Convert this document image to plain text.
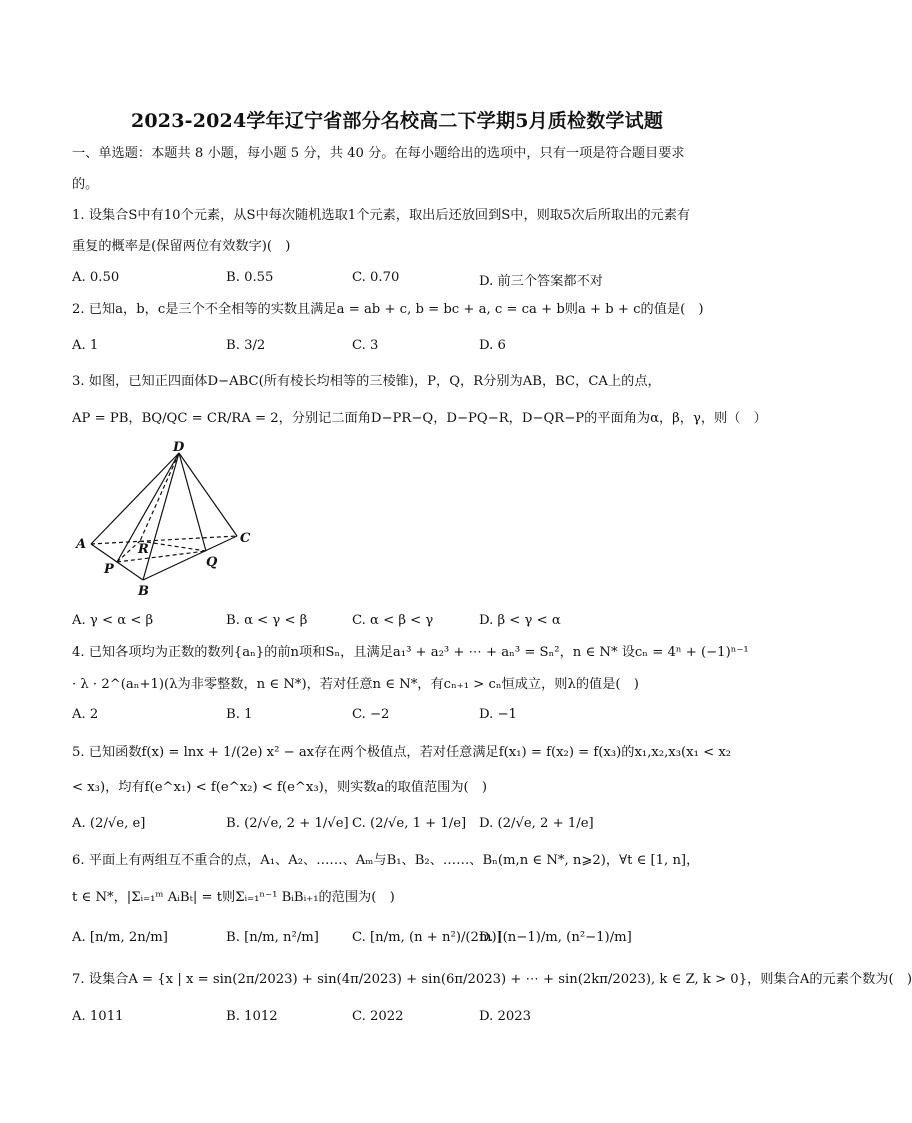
2023-2024学年辽宁省部分名校高二下学期5月质检数学试题
一、单选题：本题共 8 小题，每小题 5 分，共 40 分。在每小题给出的选项中，只有一项是符合题目要求
的。
1. 设集合S中有10个元素，从S中每次随机选取1个元素，取出后还放回到S中，则取5次后所取出的元素有
重复的概率是(保留两位有效数字)(　)
A. 0.50	B. 0.55	C. 0.70	D. 前三个答案都不对
2. 已知a，b，c是三个不全相等的实数且满足a = ab + c, b = bc + a, c = ca + b则a + b + c的值是(　)
A. 1	B. 3/2	C. 3	D. 6
3. 如图，已知正四面体D−ABC(所有棱长均相等的三棱锥)，P，Q，R分别为AB，BC，CA上的点，
AP = PB，BQ/QC = CR/RA = 2，分别记二面角D−PR−Q，D−PQ−R，D−QR−P的平面角为α，β，γ，则（　）
D
A	R
C
P	Q
B
A. γ < α < β	B. α < γ < β	C. α < β < γ	D. β < γ < α
4. 已知各项均为正数的数列{aₙ}的前n项和Sₙ，且满足a₁³ + a₂³ + ⋯ + aₙ³ = Sₙ²，n ∈ N* 设cₙ = 4ⁿ + (−1)ⁿ⁻¹
· λ · 2^(aₙ+1)(λ为非零整数，n ∈ N*)，若对任意n ∈ N*，有cₙ₊₁ > cₙ恒成立，则λ的值是(　)
A. 2	B. 1	C. −2	D. −1
5. 已知函数f(x) = lnx + 1/(2e) x² − ax存在两个极值点，若对任意满足f(x₁) = f(x₂) = f(x₃)的x₁,x₂,x₃(x₁ < x₂
< x₃)，均有f(e^x₁) < f(e^x₂) < f(e^x₃)，则实数a的取值范围为(　)
A. (2/√e, e]	B. (2/√e, 2 + 1/√e] C. (2/√e, 1 + 1/e] D. (2/√e, 2 + 1/e]
6. 平面上有两组互不重合的点，A₁、A₂、……、Aₘ与B₁、B₂、……、Bₙ(m,n ∈ N*, n⩾2)，∀t ∈ [1, n]，
t ∈ N*，|Σᵢ₌₁ᵐ AᵢBₜ| = t则Σᵢ₌₁ⁿ⁻¹ BᵢBᵢ₊₁的范围为(　)
A. [n/m, 2n/m]	B. [n/m, n²/m]	C. [n/m, (n + n²)/(2m)]
D. [(n−1)/m, (n²−1)/m]
7. 设集合A = {x | x = sin(2π/2023) + sin(4π/2023) + sin(6π/2023) + ⋯ + sin(2kπ/2023), k ∈ Z, k > 0}，则集合A的元素个数为(　)
A. 1011	B. 1012	C. 2022	D. 2023
